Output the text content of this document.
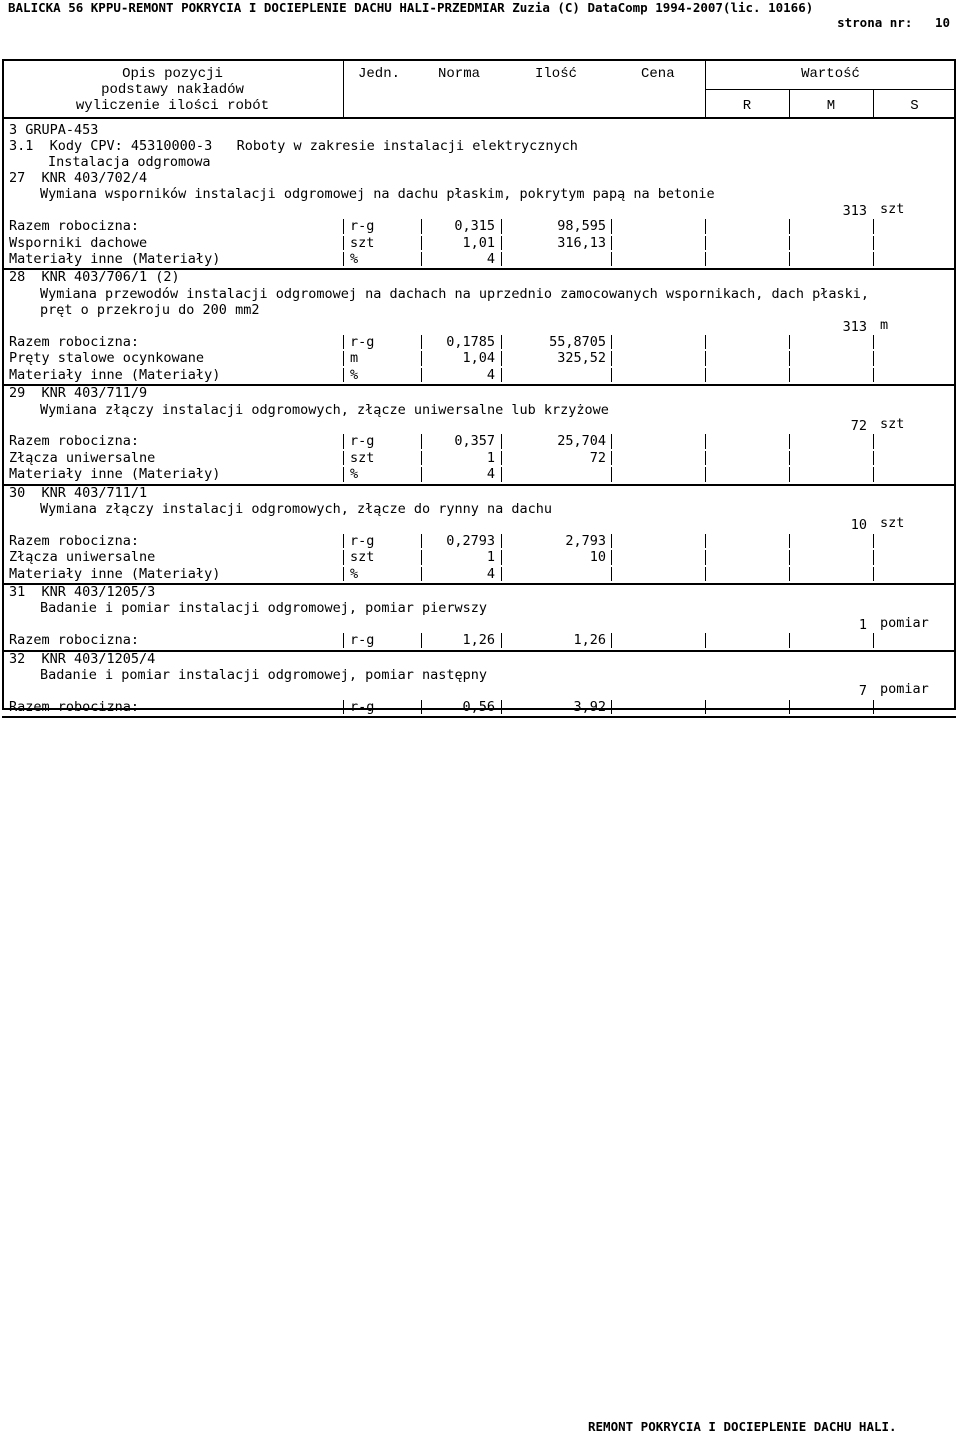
BALICKA 56 KPPU-REMONT POKRYCIA I DOCIEPLENIE DACHU HALI-PRZEDMIAR Zuzia (C) DataComp 1994-2007(lic. 10166)
strona nr: 10
Opis pozycji
podstawy nakładów
wyliczenie ilości robót
Jedn.	Norma	Ilość	Cena	Wartość
R	M	S
3 GRUPA-453
3.1  Kody CPV: 45310000-3   Roboty w zakresie instalacji elektrycznych
Instalacja odgromowa
27  KNR 403/702/4
Wymiana wsporników instalacji odgromowej na dachu płaskim, pokrytym papą na betonie
313 szt
Razem robocizna:	r-g	0,315	98,595
Wsporniki dachowe	szt	1,01	316,13
Materiały inne (Materiały)	%	4
28  KNR 403/706/1 (2)
Wymiana przewodów instalacji odgromowej na dachach na uprzednio zamocowanych wspornikach, dach płaski,
pręt o przekroju do 200 mm2
313 m
Razem robocizna:	r-g	0,1785	55,8705
Pręty stalowe ocynkowane	m	1,04	325,52
Materiały inne (Materiały)	%	4
29  KNR 403/711/9
Wymiana złączy instalacji odgromowych, złącze uniwersalne lub krzyżowe
72 szt
Razem robocizna:	r-g	0,357	25,704
Złącza uniwersalne	szt	1	72
Materiały inne (Materiały)	%	4
30  KNR 403/711/1
Wymiana złączy instalacji odgromowych, złącze do rynny na dachu
10 szt
Razem robocizna:	r-g	0,2793	2,793
Złącza uniwersalne	szt	1	10
Materiały inne (Materiały)	%	4
31  KNR 403/1205/3
Badanie i pomiar instalacji odgromowej, pomiar pierwszy
1 pomiar
Razem robocizna:	r-g	1,26	1,26
32  KNR 403/1205/4
Badanie i pomiar instalacji odgromowej, pomiar następny
7 pomiar
Razem robocizna:	r-g	0,56	3,92
REMONT POKRYCIA I DOCIEPLENIE DACHU HALI.
